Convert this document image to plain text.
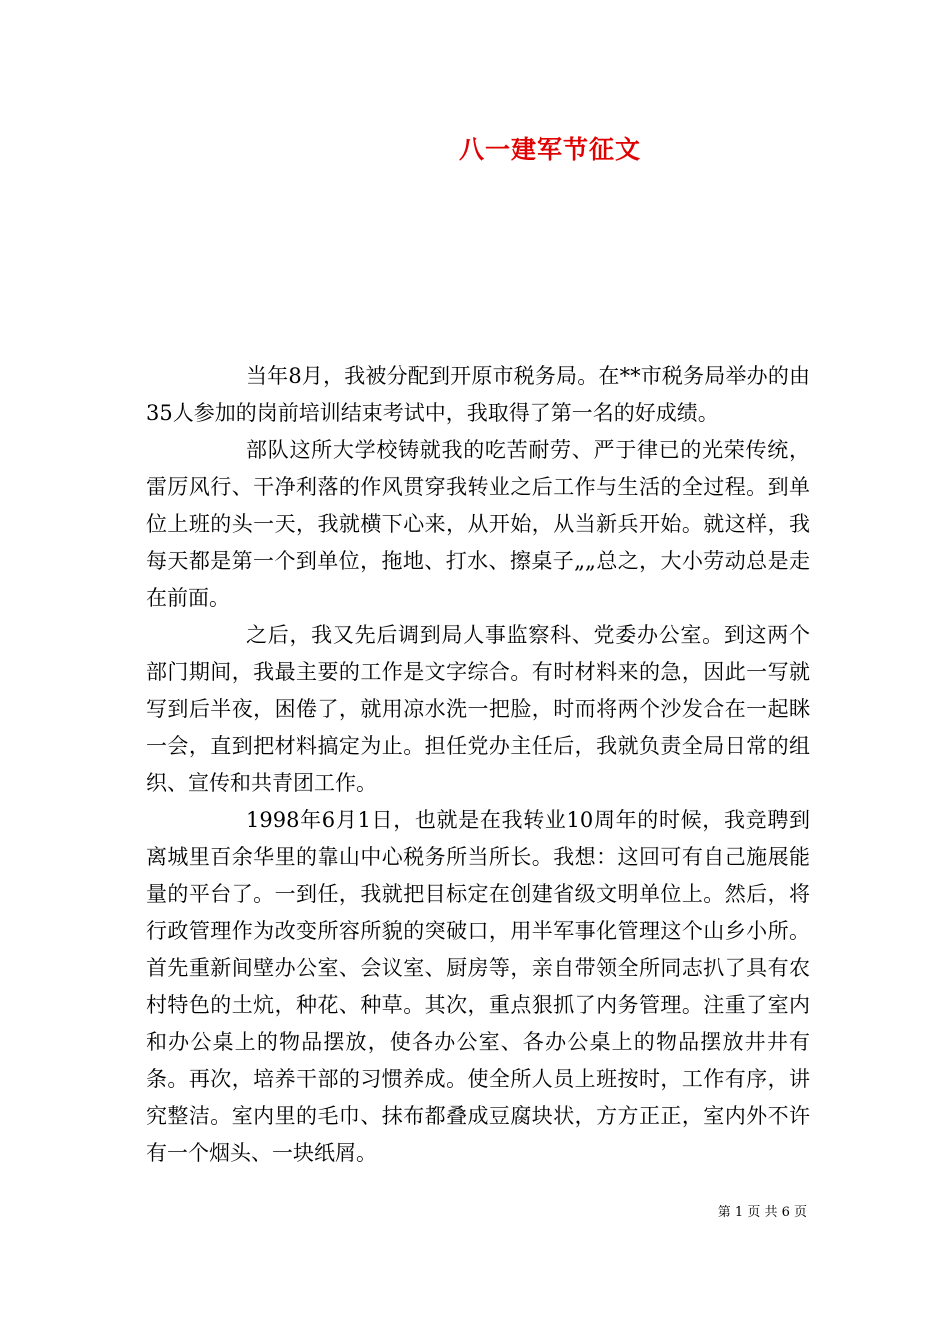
八一建军节征文

当年8月，我被分配到开原市税务局。在**市税务局举办的由35人参加的岗前培训结束考试中，我取得了第一名的好成绩。

部队这所大学校铸就我的吃苦耐劳、严于律已的光荣传统，雷厉风行、干净利落的作风贯穿我转业之后工作与生活的全过程。到单位上班的头一天，我就横下心来，从开始，从当新兵开始。就这样，我每天都是第一个到单位，拖地、打水、擦桌子„„总之，大小劳动总是走在前面。

之后，我又先后调到局人事监察科、党委办公室。到这两个部门期间，我最主要的工作是文字综合。有时材料来的急，因此一写就写到后半夜，困倦了，就用凉水洗一把脸，时而将两个沙发合在一起眯一会，直到把材料搞定为止。担任党办主任后，我就负责全局日常的组织、宣传和共青团工作。

1998年6月1日，也就是在我转业10周年的时候，我竞聘到离城里百余华里的靠山中心税务所当所长。我想：这回可有自己施展能量的平台了。一到任，我就把目标定在创建省级文明单位上。然后，将行政管理作为改变所容所貌的突破口，用半军事化管理这个山乡小所。首先重新间壁办公室、会议室、厨房等，亲自带领全所同志扒了具有农村特色的土炕，种花、种草。其次，重点狠抓了内务管理。注重了室内和办公桌上的物品摆放，使各办公室、各办公桌上的物品摆放井井有条。再次，培养干部的习惯养成。使全所人员上班按时，工作有序，讲究整洁。室内里的毛巾、抹布都叠成豆腐块状，方方正正，室内外不许有一个烟头、一块纸屑。

第 1 页 共 6 页
